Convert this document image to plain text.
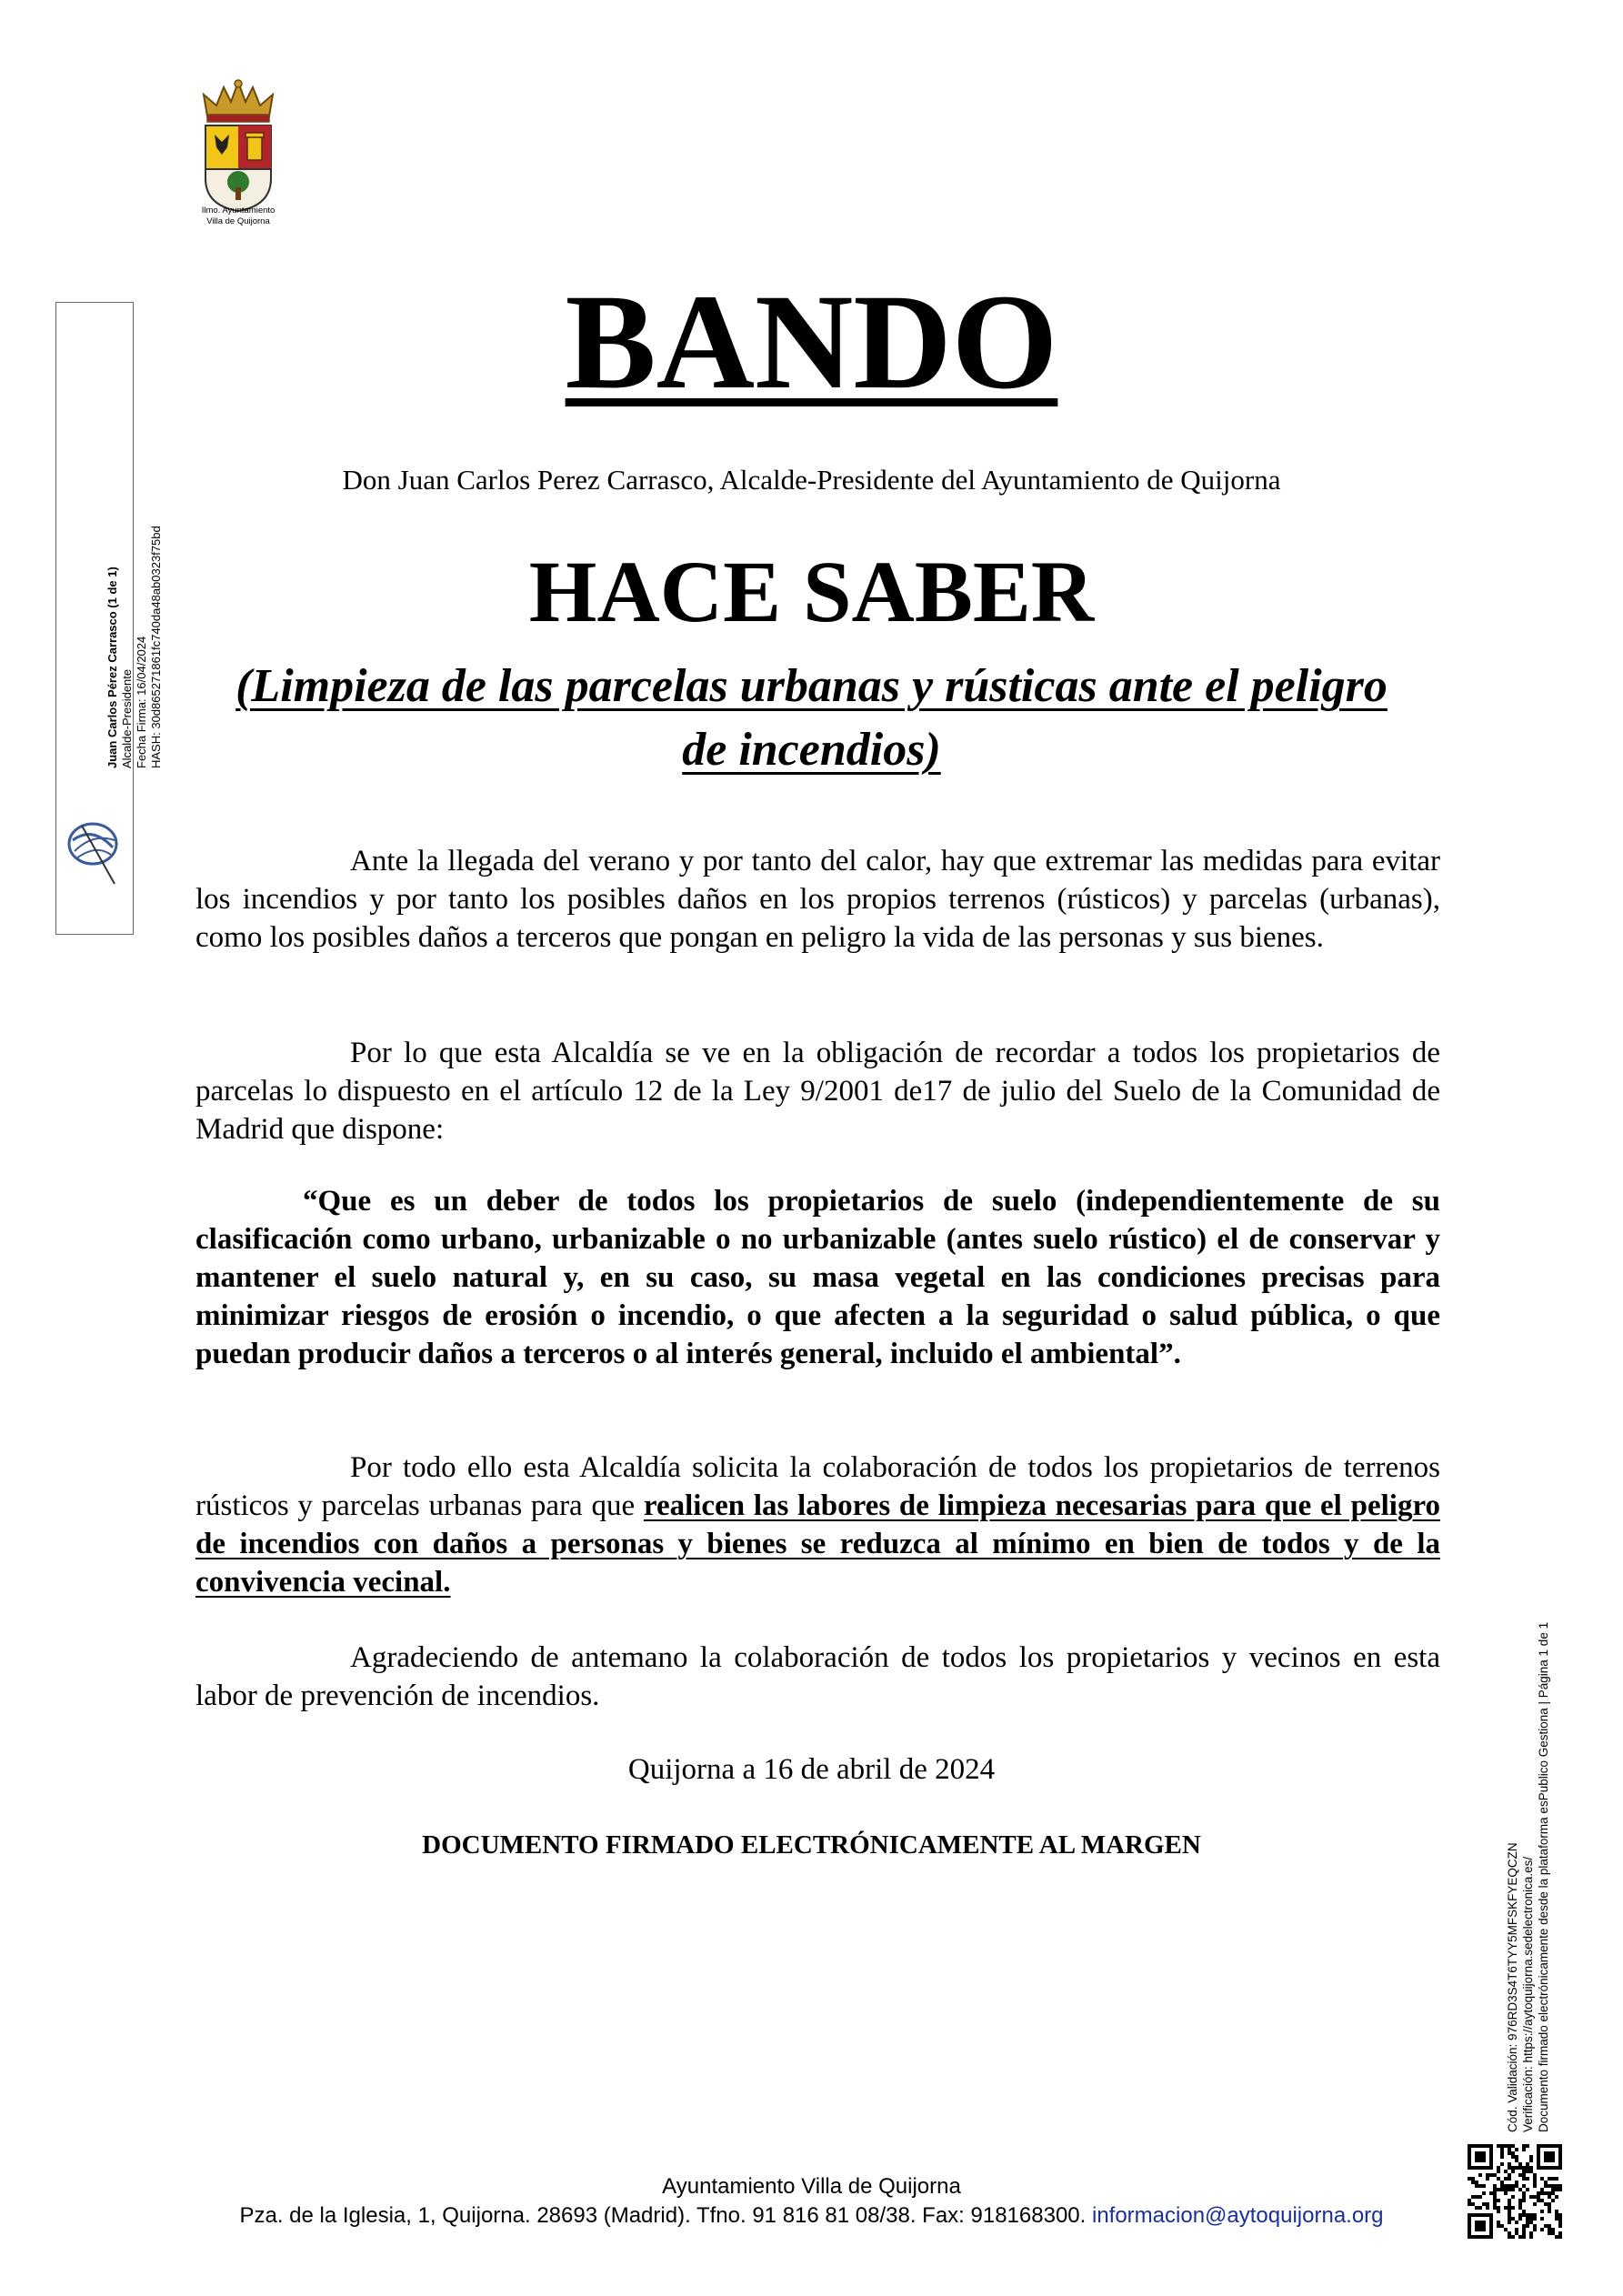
Ilmo. Ayuntamiento
Villa de Quijorna
Juan Carlos Pérez Carrasco (1 de 1) Alcalde-Presidente Fecha Firma: 16/04/2024 HASH: 30d865271861fc740da48ab0323f75bd
Cód. Validación: 976RD3S4T6TYY5MFSKFYEQCZN Verificación: https://aytoquijorna.sedelectronica.es/ Documento firmado electrónicamente desde la plataforma esPublico Gestiona | Página 1 de 1
BANDO
Don Juan Carlos Perez Carrasco, Alcalde-Presidente del Ayuntamiento de Quijorna
HACE SABER
(Limpieza de las parcelas urbanas y rústicas ante el peligro de incendios)
Ante la llegada del verano y por tanto del calor, hay que extremar las medidas para evitar los incendios y por tanto los posibles daños en los propios terrenos (rústicos) y parcelas (urbanas), como los posibles daños a terceros que pongan en peligro la vida de las personas y sus bienes.
Por lo que esta Alcaldía se ve en la obligación de recordar a todos los propietarios de parcelas lo dispuesto en el artículo 12 de la Ley 9/2001 de17 de julio del Suelo de la Comunidad de Madrid que dispone:
“Que es un deber de todos los propietarios de suelo (independientemente de su clasificación como urbano, urbanizable o no urbanizable (antes suelo rústico) el de conservar y mantener el suelo natural y, en su caso, su masa vegetal en las condiciones precisas para minimizar riesgos de erosión o incendio, o que afecten a la seguridad o salud pública, o que puedan producir daños a terceros o al interés general, incluido el ambiental”.
Por todo ello esta Alcaldía solicita la colaboración de todos los propietarios de terrenos rústicos y parcelas urbanas para que realicen las labores de limpieza necesarias para que el peligro de incendios con daños a personas y bienes se reduzca al mínimo en bien de todos y de la convivencia vecinal.
Agradeciendo de antemano la colaboración de todos los propietarios y vecinos en esta labor de prevención de incendios.
Quijorna a 16 de abril de 2024
DOCUMENTO FIRMADO ELECTRÓNICAMENTE AL MARGEN
Ayuntamiento Villa de Quijorna
Pza. de la Iglesia, 1, Quijorna. 28693 (Madrid). Tfno. 91 816 81 08/38. Fax: 918168300. informacion@aytoquijorna.org
